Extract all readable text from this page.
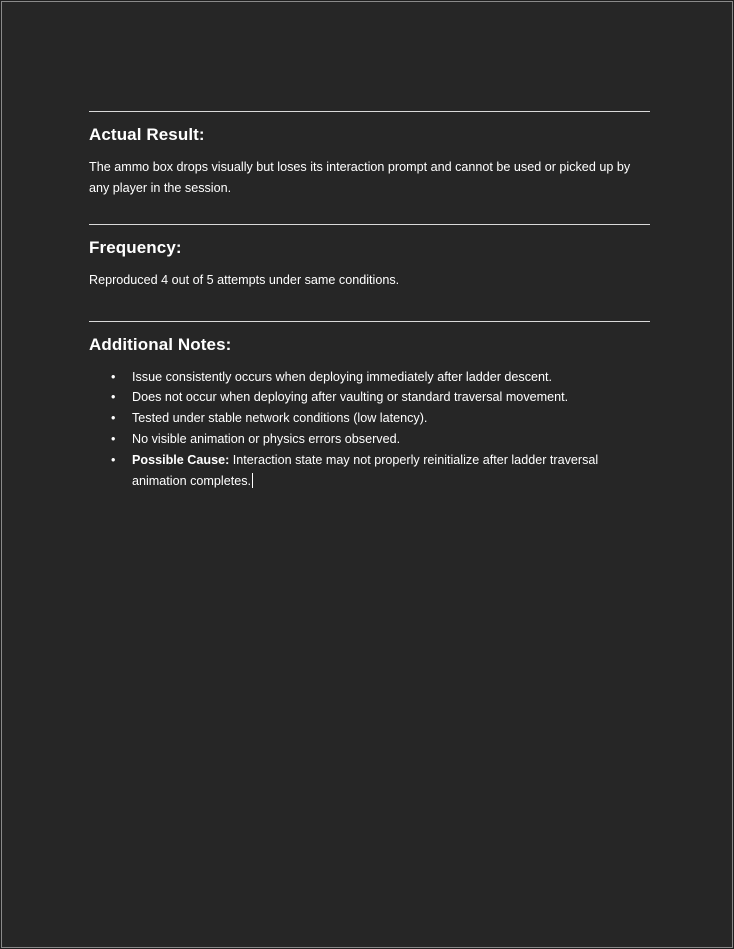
Actual Result:

The ammo box drops visually but loses its interaction prompt and cannot be used or picked up by any player in the session.

Frequency:

Reproduced 4 out of 5 attempts under same conditions.

Additional Notes:
• Issue consistently occurs when deploying immediately after ladder descent.
• Does not occur when deploying after vaulting or standard traversal movement.
• Tested under stable network conditions (low latency).
• No visible animation or physics errors observed.
• Possible Cause: Interaction state may not properly reinitialize after ladder traversal animation completes.
